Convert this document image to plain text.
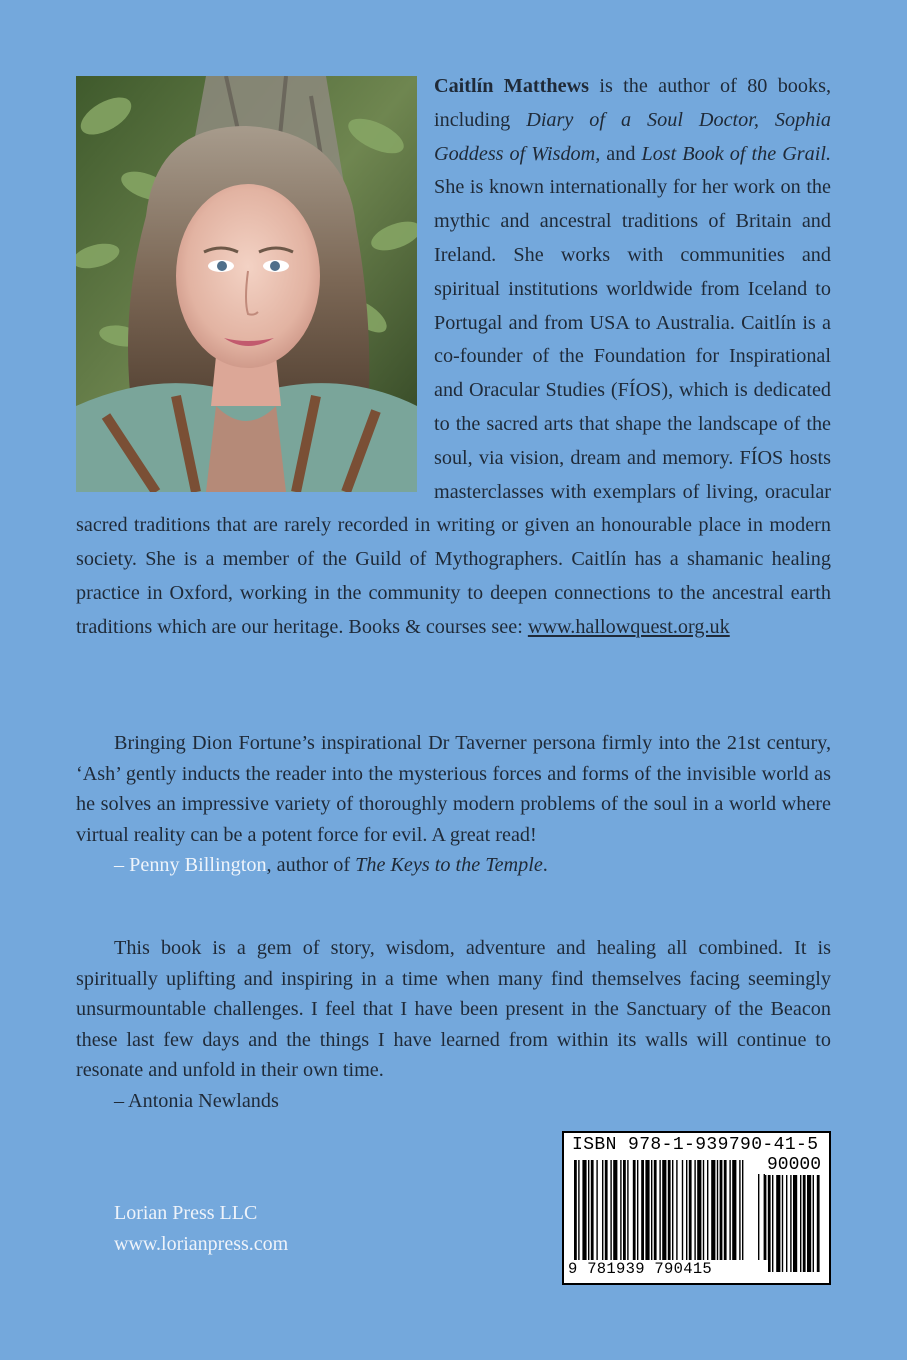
Caitlín Matthews is the author of 80 books, including Diary of a Soul Doctor, Sophia Goddess of Wisdom, and Lost Book of the Grail. She is known internationally for her work on the mythic and ancestral traditions of Britain and Ireland. She works with communities and spiritual institutions worldwide from Iceland to Portugal and from USA to Australia. Caitlín is a co-founder of the Foundation for Inspirational and Oracular Studies (FÍOS), which is dedicated to the sacred arts that shape the landscape of the soul, via vision, dream and memory. FÍOS hosts masterclasses with exemplars of living, oracular sacred traditions that are rarely recorded in writing or given an honourable place in modern society. She is a member of the Guild of Mythographers. Caitlín has a shamanic healing practice in Oxford, working in the community to deepen connections to the ancestral earth traditions which are our heritage. Books & courses see: www.hallowquest.org.uk

Bringing Dion Fortune’s inspirational Dr Taverner persona firmly into the 21st century, ‘Ash’ gently inducts the reader into the mysterious forces and forms of the invisible world as he solves an impressive variety of thoroughly modern problems of the soul in a world where virtual reality can be a potent force for evil. A great read!

– Penny Billington, author of The Keys to the Temple.

This book is a gem of story, wisdom, adventure and healing all combined. It is spiritually uplifting and inspiring in a time when many find themselves facing seemingly unsurmountable challenges. I feel that I have been present in the Sanctuary of the Beacon these last few days and the things I have learned from within its walls will continue to resonate and unfold in their own time.

– Antonia Newlands

Lorian Press LLC
www.lorianpress.com
ISBN 978-1-939790-41-5
90000
9 781939 790415
